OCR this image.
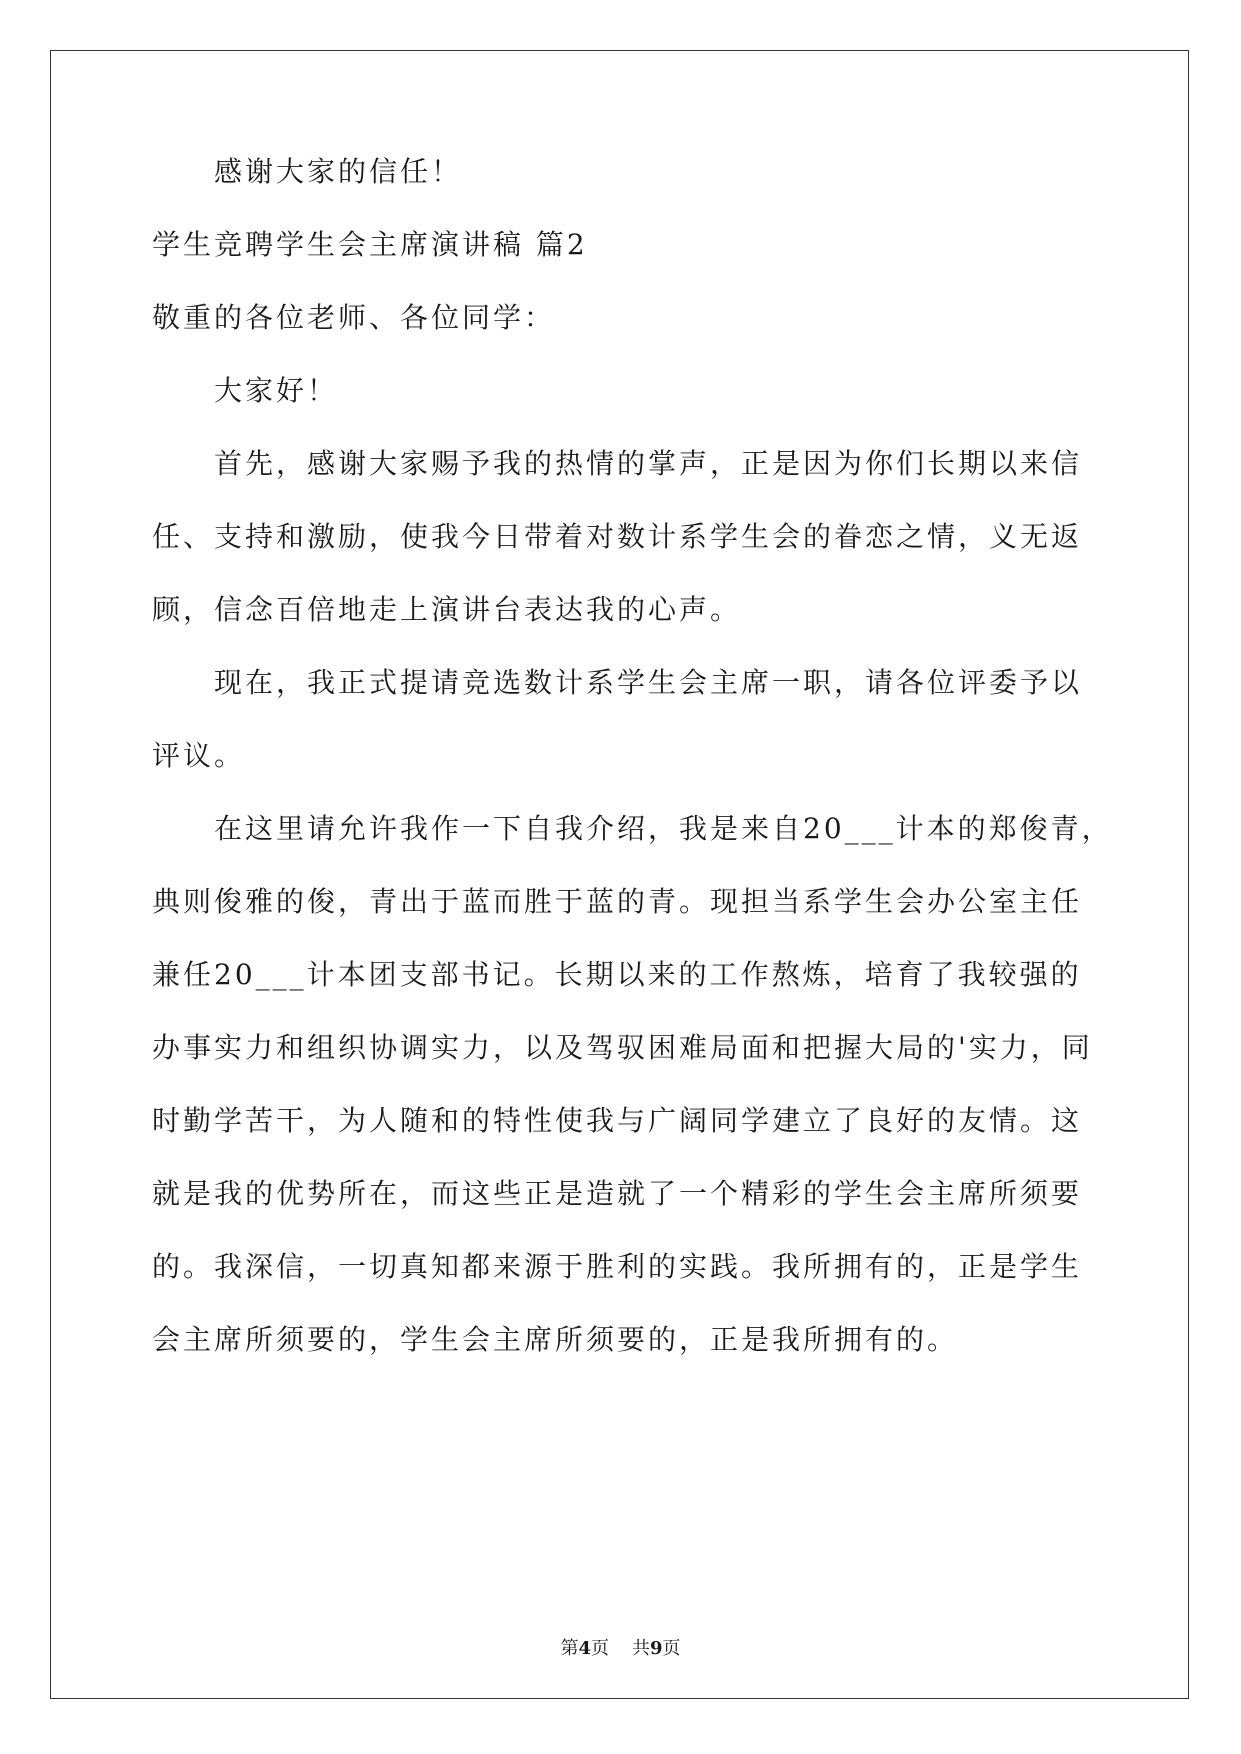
感谢大家的信任！
学生竞聘学生会主席演讲稿 篇2
敬重的各位老师、各位同学：
大家好！
首先，感谢大家赐予我的热情的掌声，正是因为你们长期以来信
任、支持和激励，使我今日带着对数计系学生会的眷恋之情，义无返
顾，信念百倍地走上演讲台表达我的心声。
现在，我正式提请竞选数计系学生会主席一职，请各位评委予以
评议。
在这里请允许我作一下自我介绍，我是来自20___计本的郑俊青，
典则俊雅的俊，青出于蓝而胜于蓝的青。现担当系学生会办公室主任
兼任20___计本团支部书记。长期以来的工作熬炼，培育了我较强的
办事实力和组织协调实力，以及驾驭困难局面和把握大局的'实力，同
时勤学苦干，为人随和的特性使我与广阔同学建立了良好的友情。这
就是我的优势所在，而这些正是造就了一个精彩的学生会主席所须要
的。我深信，一切真知都来源于胜利的实践。我所拥有的，正是学生
会主席所须要的，学生会主席所须要的，正是我所拥有的。
第4页 共9页
